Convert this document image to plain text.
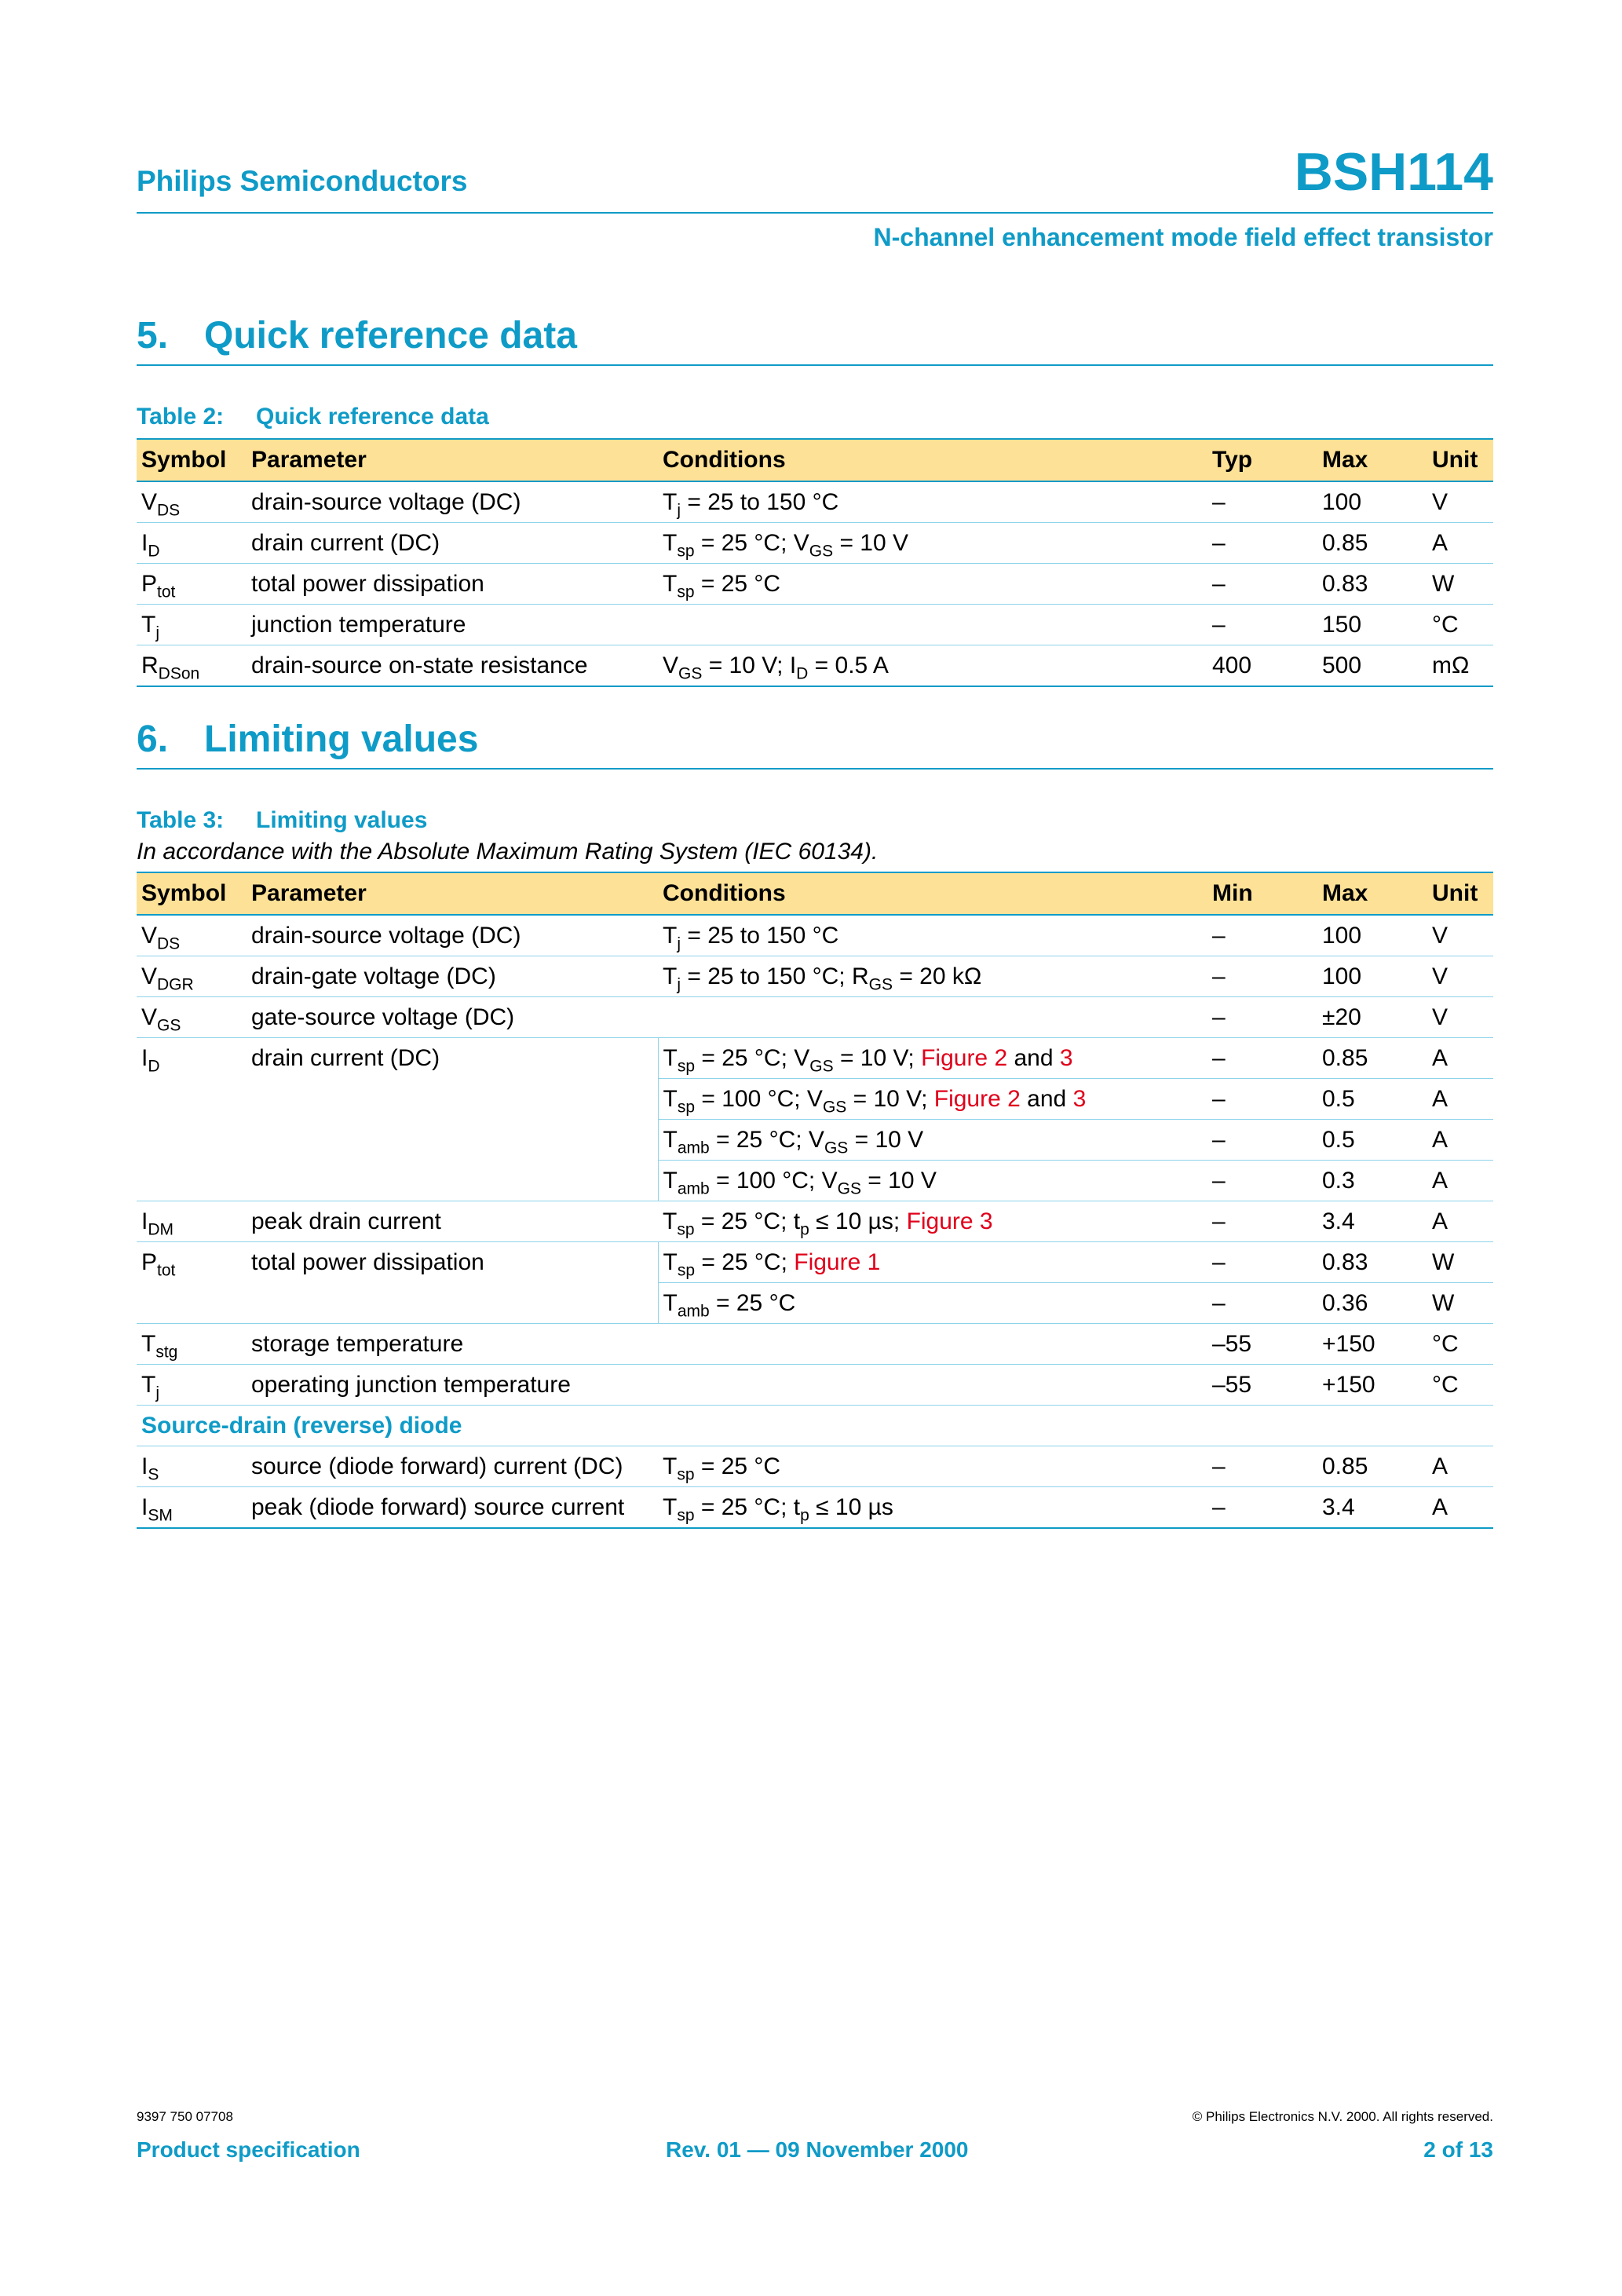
Philips Semiconductors	BSH114
N-channel enhancement mode field effect transistor
5. Quick reference data
Table 2: Quick reference data
Symbol	Parameter	Conditions	Typ	Max	Unit
$V_{DS}$	drain-source voltage (DC)	$T_j = 25$ to 150 °C	–	100	V
$I_D$	drain current (DC)	$T_{sp} = 25$ °C; $V_{GS} = 10$ V	–	0.85	A
$P_{tot}$	total power dissipation	$T_{sp} = 25$ °C	–	0.83	W
$T_j$	junction temperature		–	150	°C
$R_{DSon}$	drain-source on-state resistance	$V_{GS} = 10$ V; $I_D = 0.5$ A	400	500	mΩ
6. Limiting values
Table 3: Limiting values
In accordance with the Absolute Maximum Rating System (IEC 60134).
Symbol	Parameter	Conditions	Min	Max	Unit
$V_{DS}$	drain-source voltage (DC)	$T_j = 25$ to 150 °C	–	100	V
$V_{DGR}$	drain-gate voltage (DC)	$T_j = 25$ to 150 °C; $R_{GS} = 20$ kΩ	–	100	V
$V_{GS}$	gate-source voltage (DC)		–	±20	V
$I_D$	drain current (DC)	$T_{sp} = 25$ °C; $V_{GS} = 10$ V; Figure 2 and 3	–	0.85	A
		$T_{sp} = 100$ °C; $V_{GS} = 10$ V; Figure 2 and 3	–	0.5	A
		$T_{amb} = 25$ °C; $V_{GS} = 10$ V	–	0.5	A
		$T_{amb} = 100$ °C; $V_{GS} = 10$ V	–	0.3	A
$I_{DM}$	peak drain current	$T_{sp} = 25$ °C; $t_p \le 10$ µs; Figure 3	–	3.4	A
$P_{tot}$	total power dissipation	$T_{sp} = 25$ °C; Figure 1	–	0.83	W
		$T_{amb} = 25$ °C	–	0.36	W
$T_{stg}$	storage temperature		–55	+150	°C
$T_j$	operating junction temperature		–55	+150	°C
Source-drain (reverse) diode					
$I_S$	source (diode forward) current (DC)	$T_{sp} = 25$ °C	–	0.85	A
$I_{SM}$	peak (diode forward) source current	$T_{sp} = 25$ °C; $t_p \le 10$ µs	–	3.4	A
9397 750 07708	© Philips Electronics N.V. 2000. All rights reserved.
Product specification	Rev. 01 — 09 November 2000	2 of 13
